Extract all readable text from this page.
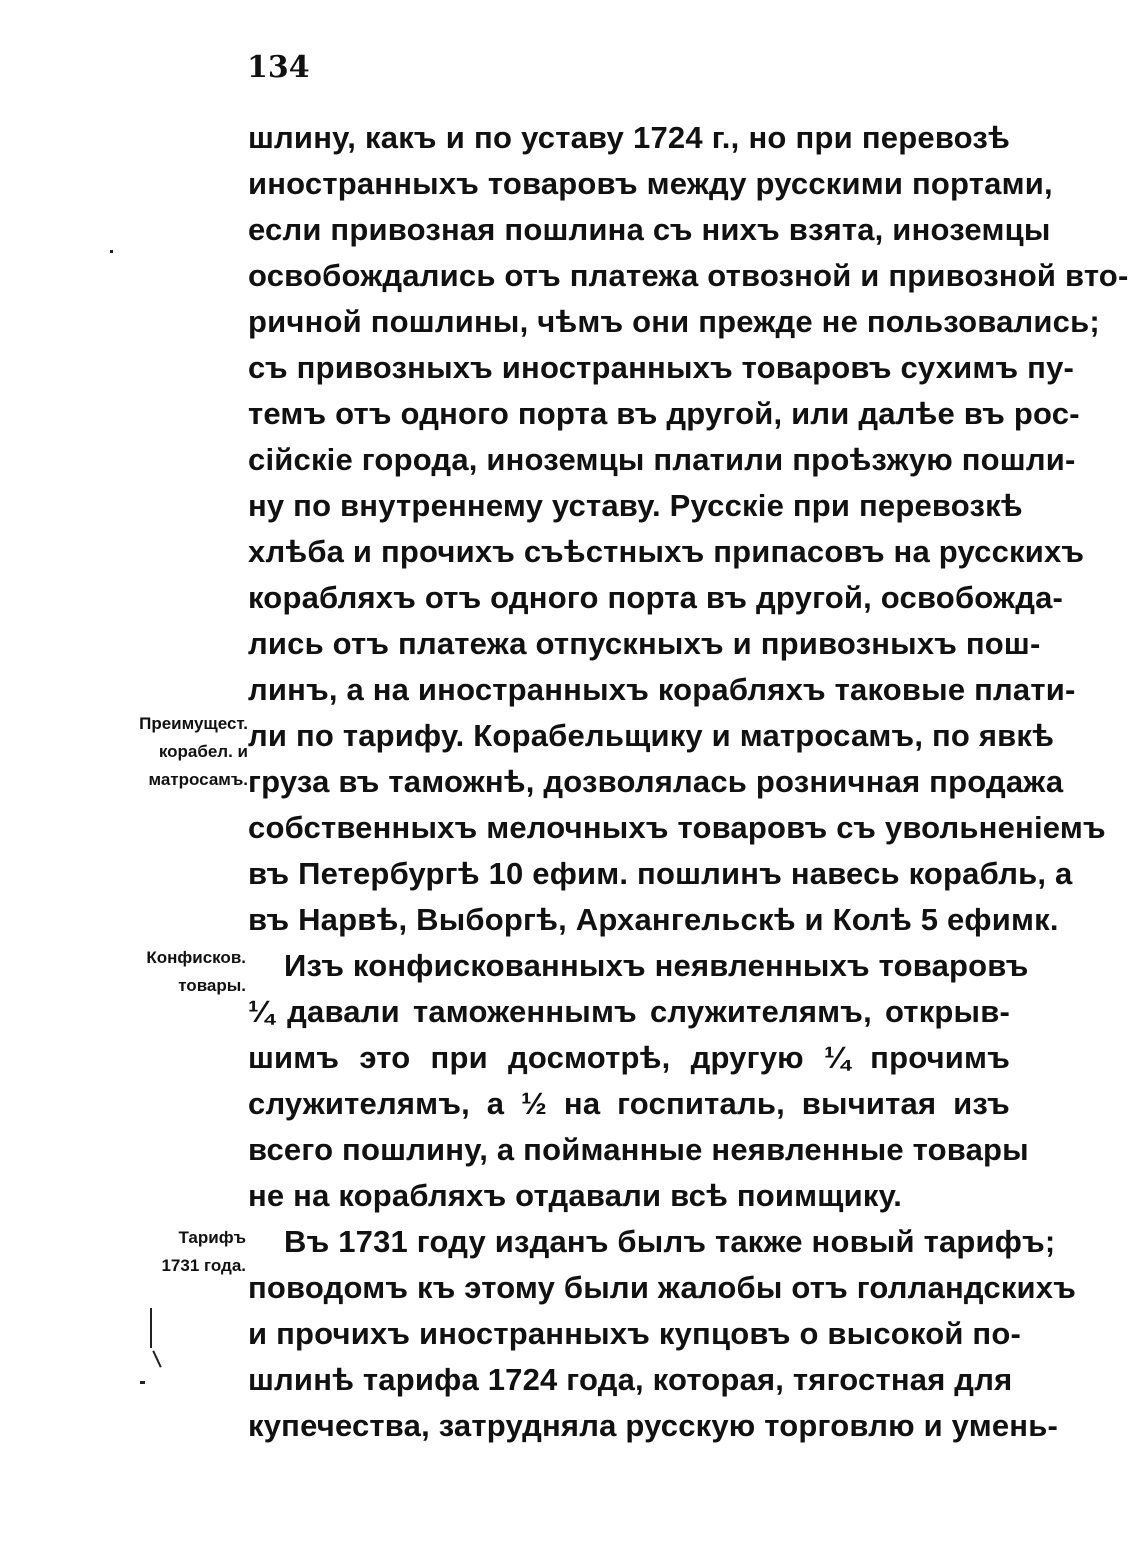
134
шлину, какъ и по уставу 1724 г., но при перевозѣ
иностранныхъ товаровъ между русскими портами,
если привозная пошлина съ нихъ взята, иноземцы
освобождались отъ платежа отвозной и привозной вто-
ричной пошлины, чѣмъ они прежде не пользовались;
съ привозныхъ иностранныхъ товаровъ сухимъ пу-
темъ отъ одного порта въ другой, или далѣе въ рос-
сiйскiе города, иноземцы платили проѣзжую пошли-
ну по внутреннему уставу. Русскiе при перевозкѣ
хлѣба и прочихъ съѣстныхъ припасовъ на русскихъ
корабляхъ отъ одного порта въ другой, освобожда-
лись отъ платежа отпускныхъ и привозныхъ пош-
линъ, а на иностранныхъ корабляхъ таковые плати-
ли по тарифу. Корабельщику и матросамъ, по явкѣ
груза въ таможнѣ, дозволялась розничная продажа
собственныхъ мелочныхъ товаровъ съ увольненiемъ
въ Петербургѣ 10 ефим. пошлинъ навесь корабль, а
въ Нарвѣ, Выборгѣ, Архангельскѣ и Колѣ 5 ефимк.
Изъ конфискованныхъ неявленныхъ товаровъ
¼ давали таможеннымъ служителямъ, открыв-
шимъ это при досмотрѣ, другую ¼ прочимъ
служителямъ, а ½ на госпиталь, вычитая изъ
всего пошлину, а пойманные неявленные товары
не на корабляхъ отдавали всѣ поимщику.
Въ 1731 году изданъ былъ также новый тарифъ;
поводомъ къ этому были жалобы отъ голландскихъ
и прочихъ иностранныхъ купцовъ о высокой по-
шлинѣ тарифа 1724 года, которая, тягостная для
купечества, затрудняла русскую торговлю и умень-
Преимущест.
корабел. и
матросамъ.
Конфисков.
товары.
Тарифъ
1731 года.
